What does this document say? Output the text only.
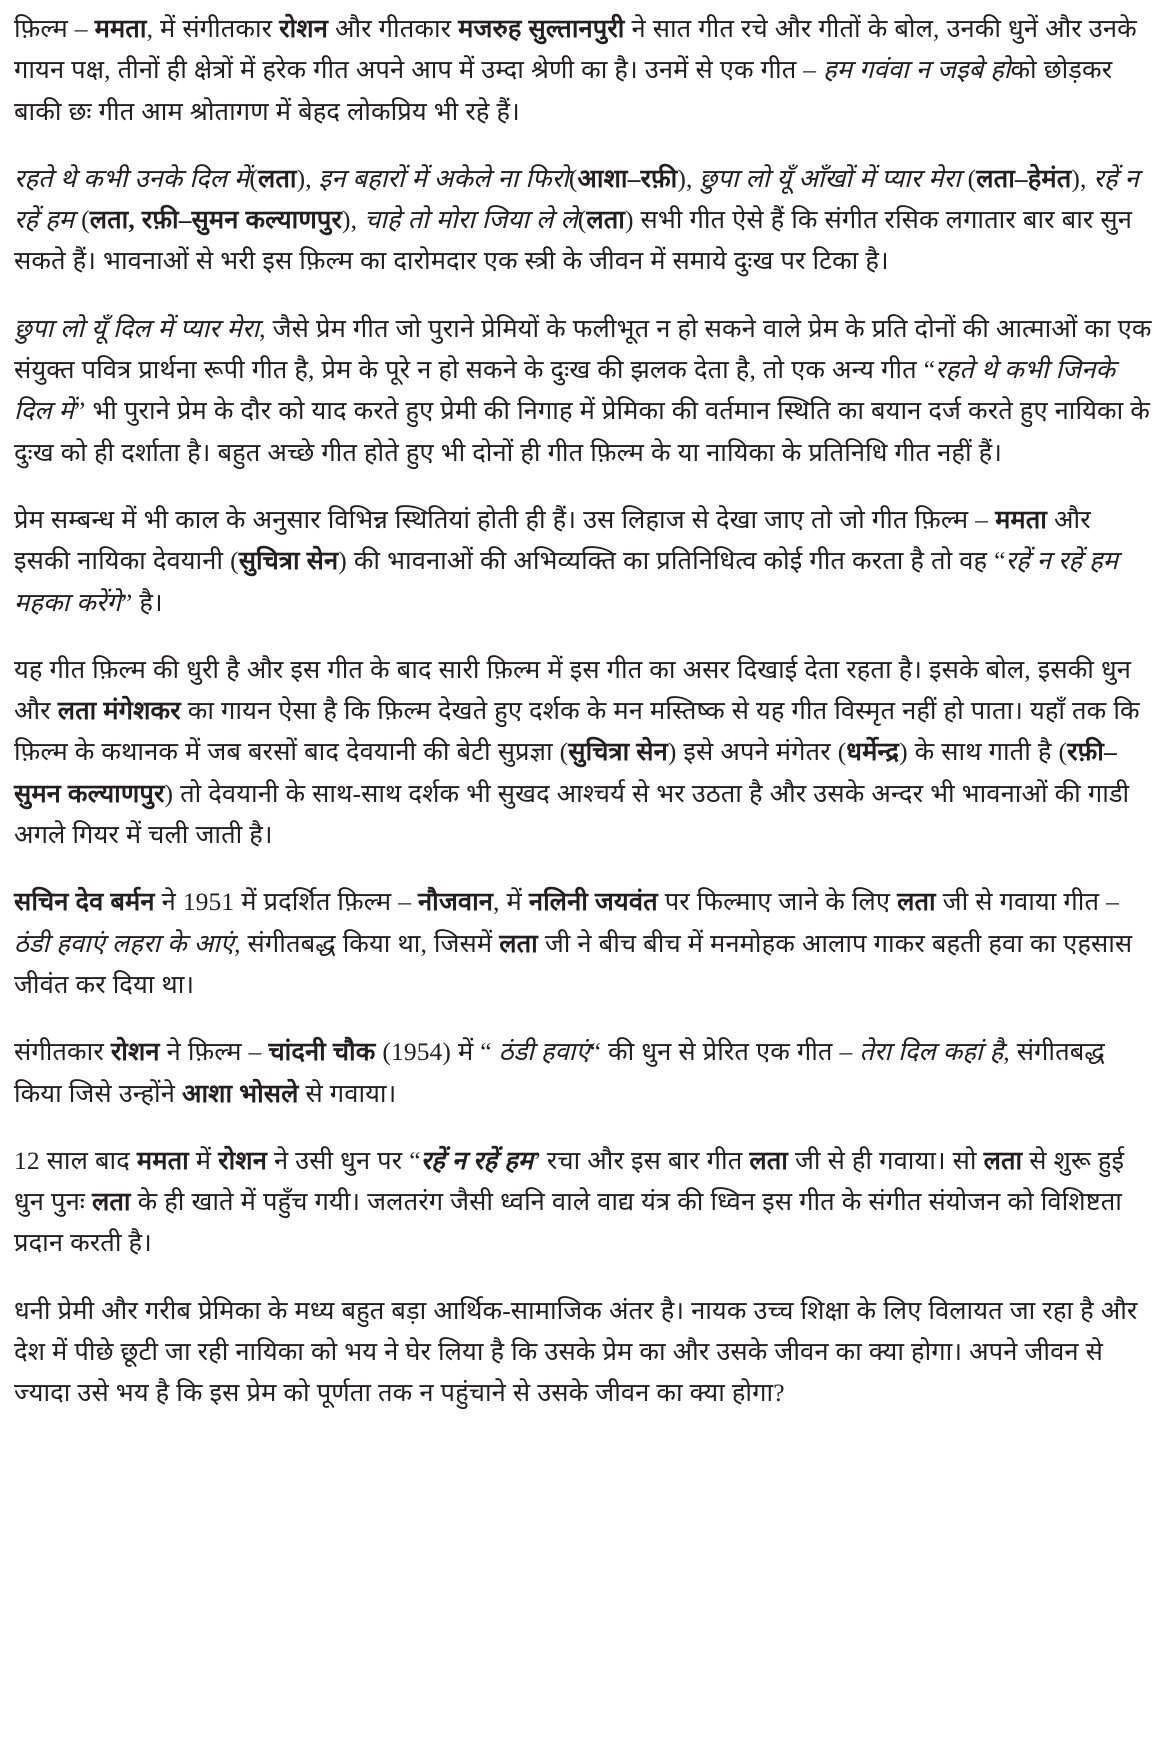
फ़िल्म – ममता, में संगीतकार रोशन और गीतकार मजरुह सुल्तानपुरी ने सात गीत रचे और गीतों के बोल, उनकी धुनें और उनके गायन पक्ष, तीनों ही क्षेत्रों में हरेक गीत अपने आप में उम्दा श्रेणी का है। उनमें से एक गीत – हम गवंवा न जइबे होको छोड़कर बाकी छः गीत आम श्रोतागण में बेहद लोकप्रिय भी रहे हैं।

रहते थे कभी उनके दिल में(लता), इन बहारों में अकेले ना फिरो(आशा–रफ़ी), छुपा लो यूँ आँखों में प्यार मेरा (लता–हेमंत), रहें न रहें हम (लता, रफ़ी–सुमन कल्याणपुर), चाहे तो मोरा जिया ले ले(लता) सभी गीत ऐसे हैं कि संगीत रसिक लगातार बार बार सुन सकते हैं। भावनाओं से भरी इस फ़िल्म का दारोमदार एक स्त्री के जीवन में समाये दुःख पर टिका है।

छुपा लो यूँ दिल में प्यार मेरा, जैसे प्रेम गीत जो पुराने प्रेमियों के फलीभूत न हो सकने वाले प्रेम के प्रति दोनों की आत्माओं का एक संयुक्त पवित्र प्रार्थना रूपी गीत है, प्रेम के पूरे न हो सकने के दुःख की झलक देता है, तो एक अन्य गीत “रहते थे कभी जिनके दिल में” भी पुराने प्रेम के दौर को याद करते हुए प्रेमी की निगाह में प्रेमिका की वर्तमान स्थिति का बयान दर्ज करते हुए नायिका के दुःख को ही दर्शाता है। बहुत अच्छे गीत होते हुए भी दोनों ही गीत फ़िल्म के या नायिका के प्रतिनिधि गीत नहीं हैं।

प्रेम सम्बन्ध में भी काल के अनुसार विभिन्न स्थितियां होती ही हैं। उस लिहाज से देखा जाए तो जो गीत फ़िल्म – ममता और इसकी नायिका देवयानी (सुचित्रा सेन) की भावनाओं की अभिव्यक्ति का प्रतिनिधित्व कोई गीत करता है तो वह “रहें न रहें हम महका करेंगे” है।

यह गीत फ़िल्म की धुरी है और इस गीत के बाद सारी फ़िल्म में इस गीत का असर दिखाई देता रहता है। इसके बोल, इसकी धुन और लता मंगेशकर का गायन ऐसा है कि फ़िल्म देखते हुए दर्शक के मन मस्तिष्क से यह गीत विस्मृत नहीं हो पाता। यहाँ तक कि फ़िल्म के कथानक में जब बरसों बाद देवयानी की बेटी सुप्रज्ञा (सुचित्रा सेन) इसे अपने मंगेतर (धर्मेन्द्र) के साथ गाती है (रफ़ी– सुमन कल्याणपुर) तो देवयानी के साथ-साथ दर्शक भी सुखद आश्चर्य से भर उठता है और उसके अन्दर भी भावनाओं की गाडी अगले गियर में चली जाती है।

सचिन देव बर्मन ने 1951 में प्रदर्शित फ़िल्म – नौजवान, में नलिनी जयवंत पर फिल्माए जाने के लिए लता जी से गवाया गीत – ठंडी हवाएं लहरा के आएं, संगीतबद्ध किया था, जिसमें लता जी ने बीच बीच में मनमोहक आलाप गाकर बहती हवा का एहसास जीवंत कर दिया था।

संगीतकार रोशन ने फ़िल्म – चांदनी चौक (1954) में “ ठंडी हवाएं“ की धुन से प्रेरित एक गीत – तेरा दिल कहां है, संगीतबद्ध किया जिसे उन्होंने आशा भोसले से गवाया।

12 साल बाद ममता में रोशन ने उसी धुन पर “रहें न रहें हम’ रचा और इस बार गीत लता जी से ही गवाया। सो लता से शुरू हुई धुन पुनः लता के ही खाते में पहुँच गयी। जलतरंग जैसी ध्वनि वाले वाद्य यंत्र की ध्विन इस गीत के संगीत संयोजन को विशिष्टता प्रदान करती है।

धनी प्रेमी और गरीब प्रेमिका के मध्य बहुत बड़ा आर्थिक-सामाजिक अंतर है। नायक उच्च शिक्षा के लिए विलायत जा रहा है और देश में पीछे छूटी जा रही नायिका को भय ने घेर लिया है कि उसके प्रेम का और उसके जीवन का क्या होगा। अपने जीवन से ज्यादा उसे भय है कि इस प्रेम को पूर्णता तक न पहुंचाने से उसके जीवन का क्या होगा?
